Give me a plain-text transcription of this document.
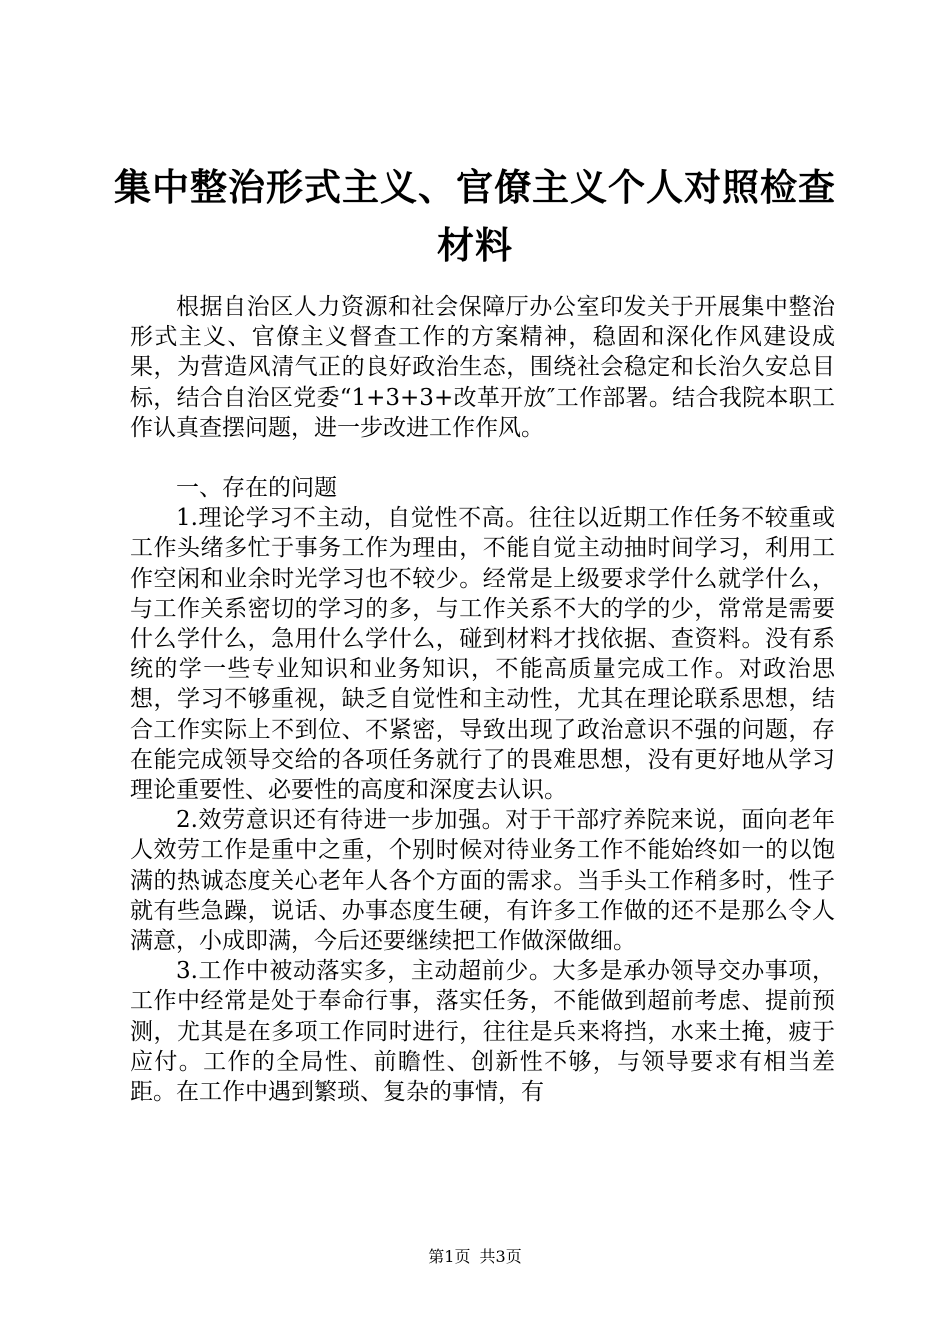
集中整治形式主义、官僚主义个人对照检查材料

根据自治区人力资源和社会保障厅办公室印发关于开展集中整治形式主义、官僚主义督查工作的方案精神，稳固和深化作风建设成果，为营造风清气正的良好政治生态，围绕社会稳定和长治久安总目标，结合自治区党委“1+3+3+改革开放″工作部署。结合我院本职工作认真查摆问题，进一步改进工作作风。

一、存在的问题

1.理论学习不主动，自觉性不高。往往以近期工作任务不较重或工作头绪多忙于事务工作为理由，不能自觉主动抽时间学习，利用工作空闲和业余时光学习也不较少。经常是上级要求学什么就学什么，与工作关系密切的学习的多，与工作关系不大的学的少，常常是需要什么学什么，急用什么学什么，碰到材料才找依据、查资料。没有系统的学一些专业知识和业务知识，不能高质量完成工作。对政治思想，学习不够重视，缺乏自觉性和主动性，尤其在理论联系思想，结合工作实际上不到位、不紧密，导致出现了政治意识不强的问题，存在能完成领导交给的各项任务就行了的畏难思想，没有更好地从学习理论重要性、必要性的高度和深度去认识。

2.效劳意识还有待进一步加强。对于干部疗养院来说，面向老年人效劳工作是重中之重，个别时候对待业务工作不能始终如一的以饱满的热诚态度关心老年人各个方面的需求。当手头工作稍多时，性子就有些急躁，说话、办事态度生硬，有许多工作做的还不是那么令人满意，小成即满，今后还要继续把工作做深做细。

3.工作中被动落实多，主动超前少。大多是承办领导交办事项，工作中经常是处于奉命行事，落实任务，不能做到超前考虑、提前预测，尤其是在多项工作同时进行，往往是兵来将挡，水来土掩，疲于应付。工作的全局性、前瞻性、创新性不够，与领导要求有相当差距。在工作中遇到繁琐、复杂的事情，有

第1页 共3页
